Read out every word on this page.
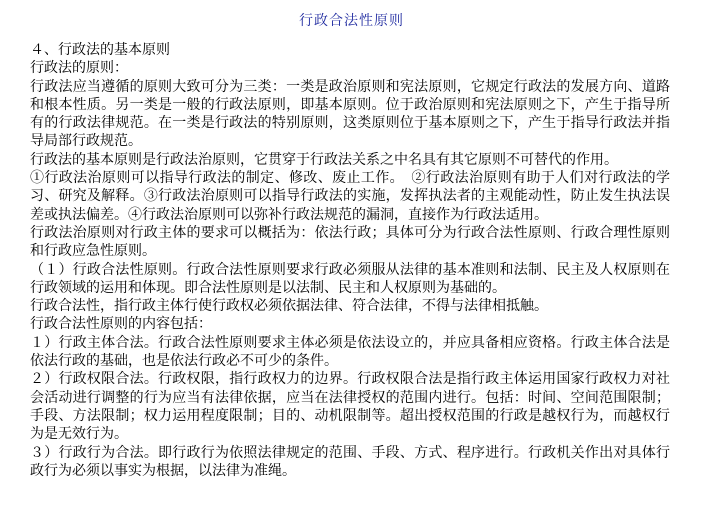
行政合法性原则

４、行政法的基本原则

行政法的原则：

行政法应当遵循的原则大致可分为三类：一类是政治原则和宪法原则，它规定行政法的发展方向、道路和根本性质。另一类是一般的行政法原则，即基本原则。位于政治原则和宪法原则之下，产生于指导所有的行政法律规范。在一类是行政法的特别原则，这类原则位于基本原则之下，产生于指导行政法并指导局部行政规范。

行政法的基本原则是行政法治原则，它贯穿于行政法关系之中名具有其它原则不可替代的作用。

①行政法治原则可以指导行政法的制定、修改、废止工作。　②行政法治原则有助于人们对行政法的学习、研究及解释。③行政法治原则可以指导行政法的实施，发挥执法者的主观能动性，防止发生执法误差或执法偏差。④行政法治原则可以弥补行政法规范的漏洞，直接作为行政法适用。

行政法治原则对行政主体的要求可以概括为：依法行政；具体可分为行政合法性原则、行政合理性原则和行政应急性原则。

（１）行政合法性原则。行政合法性原则要求行政必须服从法律的基本准则和法制、民主及人权原则在行政领域的运用和体现。即合法性原则是以法制、民主和人权原则为基础的。

行政合法性，指行政主体行使行政权必须依据法律、符合法律，不得与法律相抵触。

行政合法性原则的内容包括：

１）行政主体合法。行政合法性原则要求主体必须是依法设立的，并应具备相应资格。行政主体合法是依法行政的基础，也是依法行政必不可少的条件。

２）行政权限合法。行政权限，指行政权力的边界。行政权限合法是指行政主体运用国家行政权力对社会活动进行调整的行为应当有法律依据，应当在法律授权的范围内进行。包括：时间、空间范围限制；手段、方法限制；权力运用程度限制；目的、动机限制等。超出授权范围的行政是越权行为，而越权行为是无效行为。

３）行政行为合法。即行政行为依照法律规定的范围、手段、方式、程序进行。行政机关作出对具体行政行为必须以事实为根据，以法律为准绳。
